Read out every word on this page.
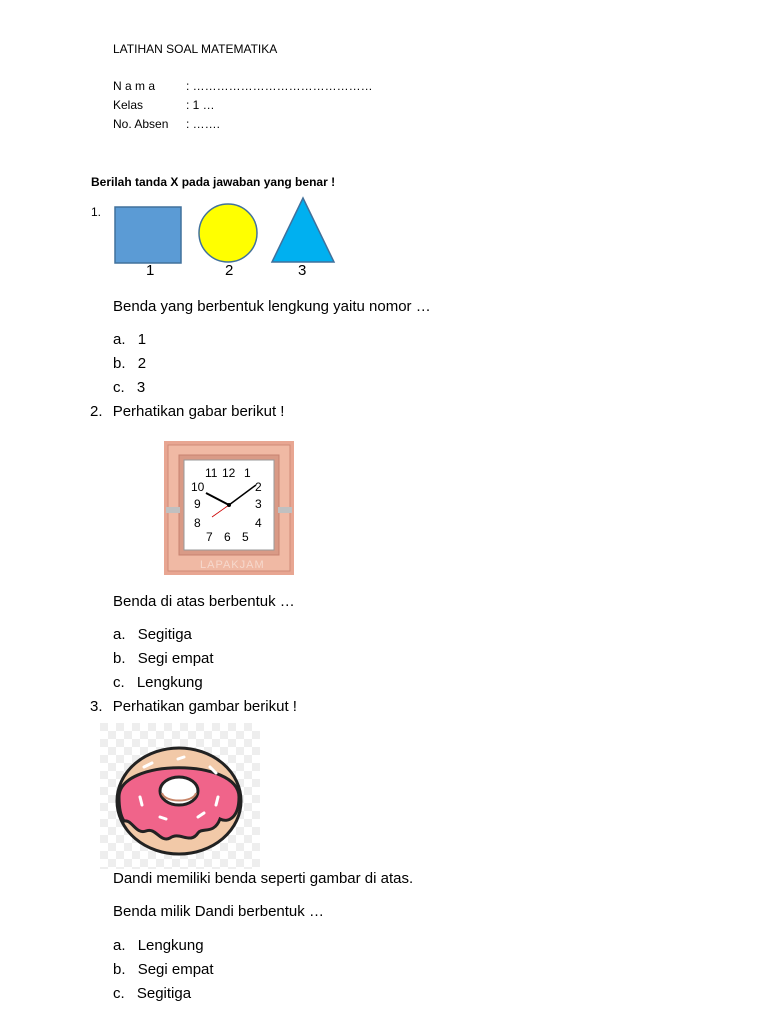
LATIHAN SOAL MATEMATIKA
N a m a	: ………………………………………
Kelas	: 1 …
No. Absen : …….
Berilah tanda X pada jawaban yang benar !
1.
1	2	3
Benda yang berbentuk lengkung yaitu nomor …
a. 1
b. 2
c. 3
2. Perhatikan gabar berikut !
11 12 1
10	2
9	3
8	4
7 6 5
LAPAKJAM
Benda di atas berbentuk …
a. Segitiga
b. Segi empat
c. Lengkung
3. Perhatikan gambar berikut !
Dandi memiliki benda seperti gambar di atas.
Benda milik Dandi berbentuk …
a. Lengkung
b. Segi empat
c. Segitiga
